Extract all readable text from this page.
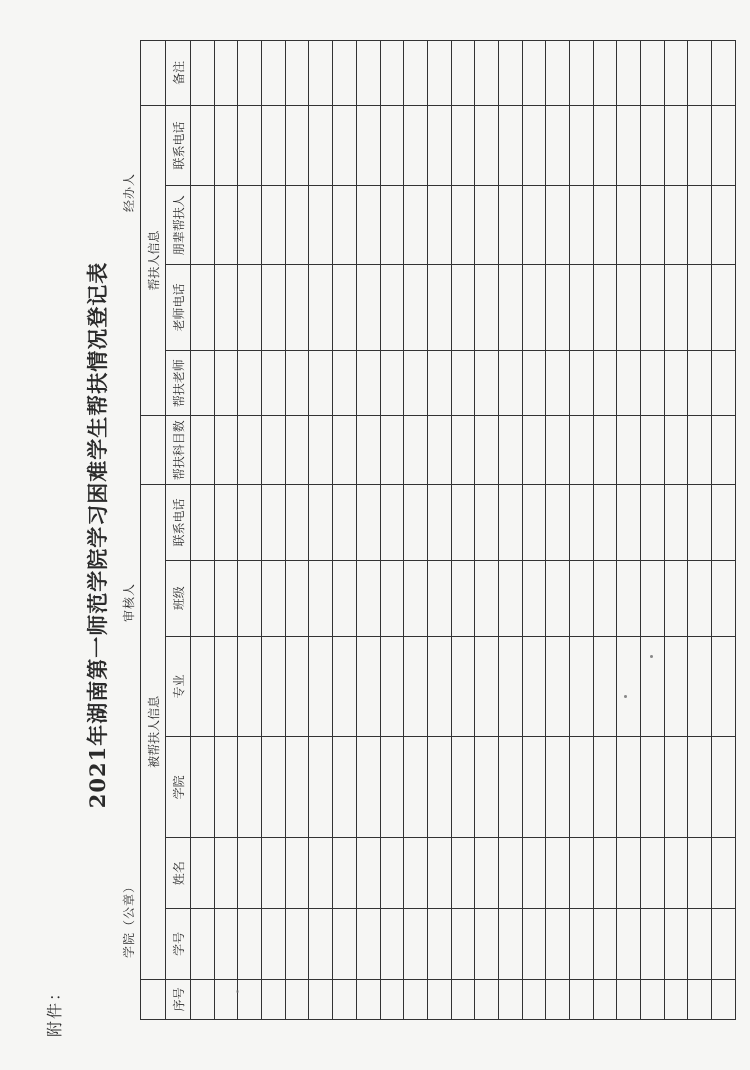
附件：
2021年湖南第一师范学院学习困难学生帮扶情况登记表
学院（公章）
审核人
经办人
	被帮扶人信息							帮扶人信息				
序号	学号	姓名	学院	专业	班级	联系电话	帮扶科目数	帮扶老师	老师电话	朋辈帮扶人	联系电话	备注
